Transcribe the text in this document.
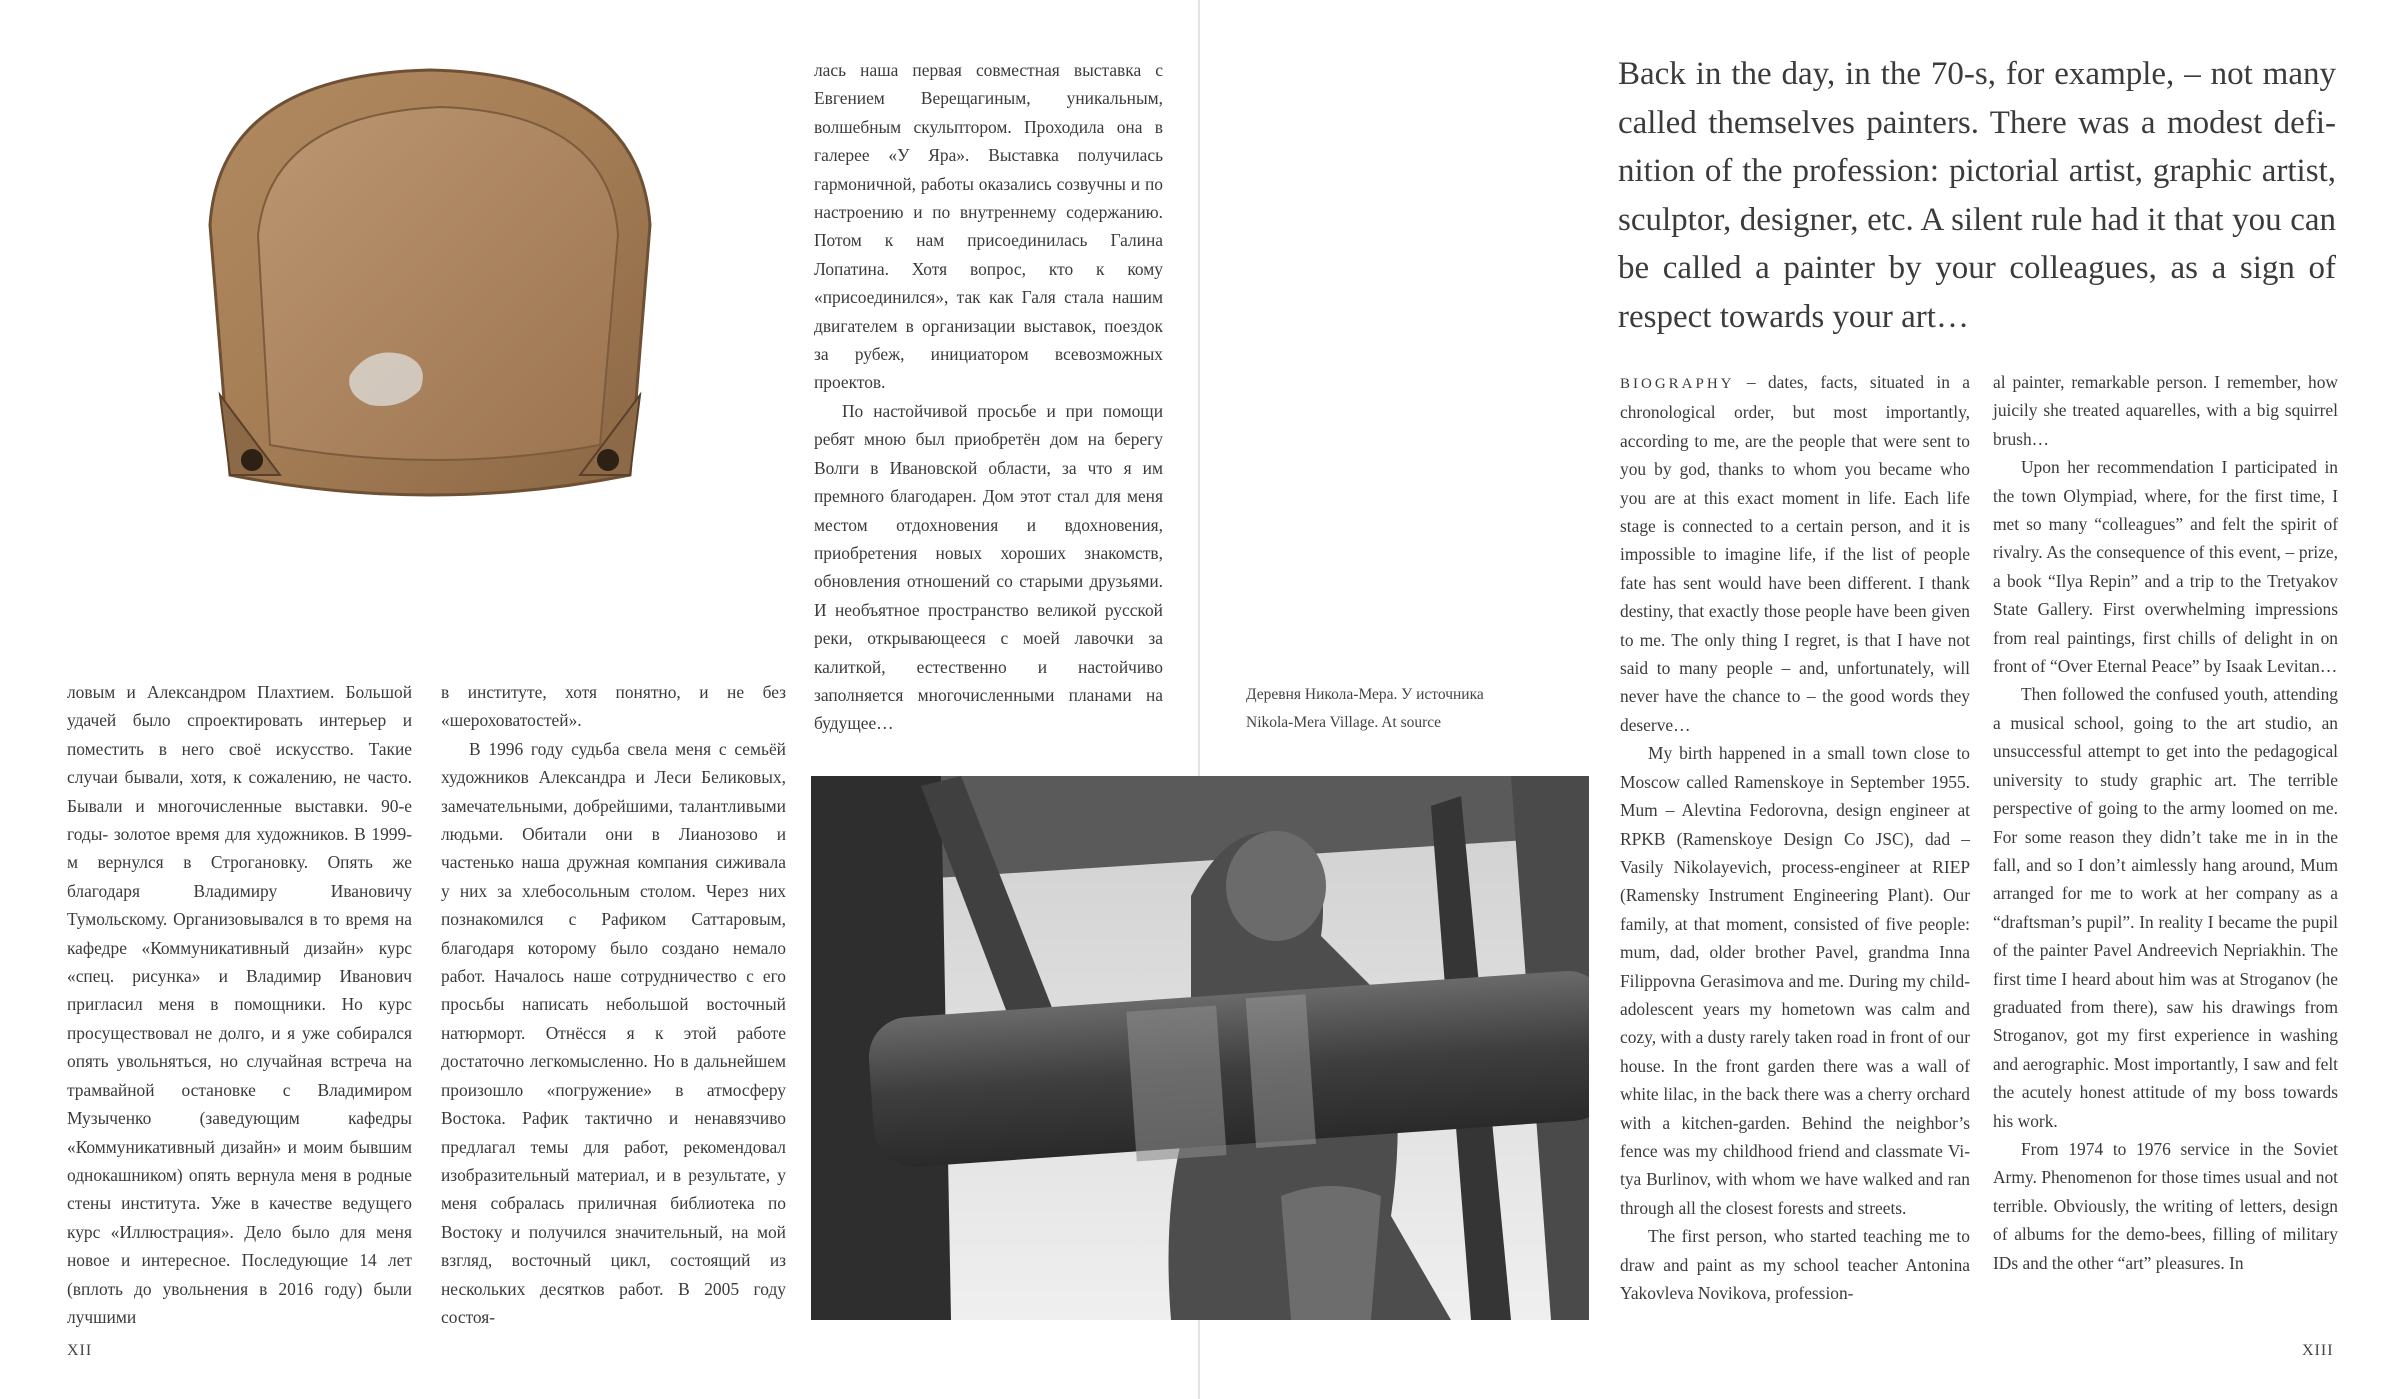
ловым и Александром Плахтием. Большой удачей было спроектировать интерьер и поместить в него своё искусство. Такие случаи бывали, хотя, к сожалению, не часто. Бывали и многочисленные выставки. 90-е годы- золотое время для художников. В 1999-м вернулся в Строгановку. Опять же благодаря Владимиру Ивановичу Тумольскому. Организовывался в то время на кафедре «Коммуникативный дизайн» курс «спец. рисунка» и Владимир Иванович пригласил меня в помощники. Но курс просуществовал не долго, и я уже собирался опять увольняться, но случайная встреча на трамвайной остановке с Владимиром Музыченко (заведующим кафедры «Коммуникативный дизайн» и моим бывшим однокашником) опять вернула меня в родные стены института. Уже в качестве ведущего курс «Иллюстрация». Дело было для меня новое и интересное. Последующие 14 лет (вплоть до увольнения в 2016 году) были лучшими

в институте, хотя понятно, и не без «шероховатостей».

В 1996 году судьба свела меня с семьёй художников Александра и Леси Беликовых, замечательными, добрейшими, талантливыми людьми. Обитали они в Лианозово и частенько наша дружная компания сиживала у них за хлебосольным столом. Через них познакомился с Рафиком Саттаровым, благодаря которому было создано немало работ. Началось наше сотрудничество с его просьбы написать небольшой восточный натюрморт. Отнёсся я к этой работе достаточно легкомысленно. Но в дальнейшем произошло «погружение» в атмосферу Востока. Рафик тактично и ненавязчиво предлагал темы для работ, рекомендовал изобразительный материал, и в результате, у меня собралась приличная библиотека по Востоку и получился значительный, на мой взгляд, восточный цикл, состоящий из нескольких десятков работ. В 2005 году состоя-

лась наша первая совместная выставка с Евгением Верещагиным, уникальным, волшебным скульптором. Проходила она в галерее «У Яра». Выставка получилась гармоничной, работы оказались созвучны и по настроению и по внутреннему содержанию. Потом к нам присоединилась Галина Лопатина. Хотя вопрос, кто к кому «присоединился», так как Галя стала нашим двигателем в организации выставок, поездок за рубеж, инициатором всевозможных проектов.

По настойчивой просьбе и при помощи ребят мною был приобретён дом на берегу Волги в Ивановской области, за что я им премного благодарен. Дом этот стал для меня местом отдохновения и вдохновения, приобретения новых хороших знакомств, обновления отношений со старыми друзьями. И необъятное пространство великой русской реки, открывающееся с моей лавочки за калиткой, естественно и настойчиво заполняется многочисленными планами на будущее…

Деревня Никола-Мера. У источника
Nikola-Mera Village. At source
Back in the day, in the 70-s, for example, – not many called themselves painters. There was a modest definition of the profession: pictorial artist, graphic artist, sculptor, designer, etc. A silent rule had it that you can be called a painter by your colleagues, as a sign of respect towards your art…

BIOGRAPHY – dates, facts, situated in a chronological order, but most importantly, according to me, are the people that were sent to you by god, thanks to whom you became who you are at this exact moment in life. Each life stage is connected to a certain person, and it is impossible to imagine life, if the list of people fate has sent would have been different. I thank destiny, that exactly those people have been given to me. The only thing I regret, is that I have not said to many people – and, unfortunately, will never have the chance to – the good words they deserve…

My birth happened in a small town close to Moscow called Ramenskoye in September 1955. Mum – Alevtina Fedorovna, design engineer at RPKB (Ramenskoye Design Co JSC), dad – Vasily Nikolayevich, process-engineer at RIEP (Ramensky Instrument Engineering Plant). Our family, at that moment, consisted of five people: mum, dad, older brother Pavel, grandma Inna Filippovna Gerasimova and me. During my child-adolescent years my hometown was calm and cozy, with a dusty rarely taken road in front of our house. In the front garden there was a wall of white lilac, in the back there was a cherry orchard with a kitchen-garden. Behind the neighbor’s fence was my childhood friend and classmate Vitya Burlinov, with whom we have walked and ran through all the closest forests and streets.

The first person, who started teaching me to draw and paint as my school teacher Antonina Yakovleva Novikova, profession-

al painter, remarkable person. I remember, how juicily she treated aquarelles, with a big squirrel brush…

Upon her recommendation I participated in the town Olympiad, where, for the first time, I met so many “colleagues” and felt the spirit of rivalry. As the consequence of this event, – prize, a book “Ilya Repin” and a trip to the Tretyakov State Gallery. First overwhelming impressions from real paintings, first chills of delight in on front of “Over Eternal Peace” by Isaak Levitan…

Then followed the confused youth, attending a musical school, going to the art studio, an unsuccessful attempt to get into the pedagogical university to study graphic art. The terrible perspective of going to the army loomed on me. For some reason they didn’t take me in in the fall, and so I don’t aimlessly hang around, Mum arranged for me to work at her company as a “draftsman’s pupil”. In reality I became the pupil of the painter Pavel Andreevich Nepriakhin. The first time I heard about him was at Stroganov (he graduated from there), saw his drawings from Stroganov, got my first experience in washing and aerographic. Most importantly, I saw and felt the acutely honest attitude of my boss towards his work.

From 1974 to 1976 service in the Soviet Army. Phenomenon for those times usual and not terrible. Obviously, the writing of letters, design of albums for the demo-bees, filling of military IDs and the other “art” pleasures. In

XII	XIII
